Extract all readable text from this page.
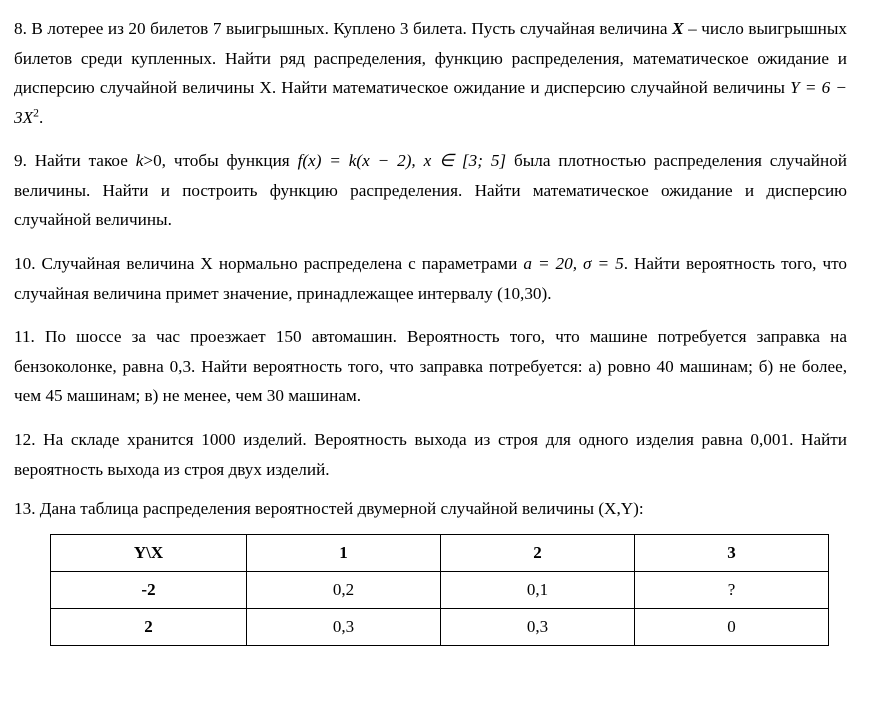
8. В лотерее из 20 билетов 7 выигрышных. Куплено 3 билета. Пусть случайная величина X – число выигрышных билетов среди купленных. Найти ряд распределения, функцию распределения, математическое ожидание и дисперсию случайной величины Х. Найти математическое ожидание и дисперсию случайной величины $Y = 6 - 3X^2$.

9. Найти такое k>0, чтобы функция f(x) = k(x − 2), x ∈ [3; 5] была плотностью распределения случайной величины. Найти и построить функцию распределения. Найти математическое ожидание и дисперсию случайной величины.

10. Случайная величина Х нормально распределена с параметрами a = 20, σ = 5. Найти вероятность того, что случайная величина примет значение, принадлежащее интервалу (10,30).

11. По шоссе за час проезжает 150 автомашин. Вероятность того, что машине потребуется заправка на бензоколонке, равна 0,3. Найти вероятность того, что заправка потребуется: а) ровно 40 машинам; б) не более, чем 45 машинам; в) не менее, чем 30 машинам.

12. На складе хранится 1000 изделий. Вероятность выхода из строя для одного изделия равна 0,001. Найти вероятность выхода из строя двух изделий.

13. Дана таблица распределения вероятностей двумерной случайной величины (X,Y):

Y\X	1	2	3
-2	0,2	0,1	?
2	0,3	0,3	0
